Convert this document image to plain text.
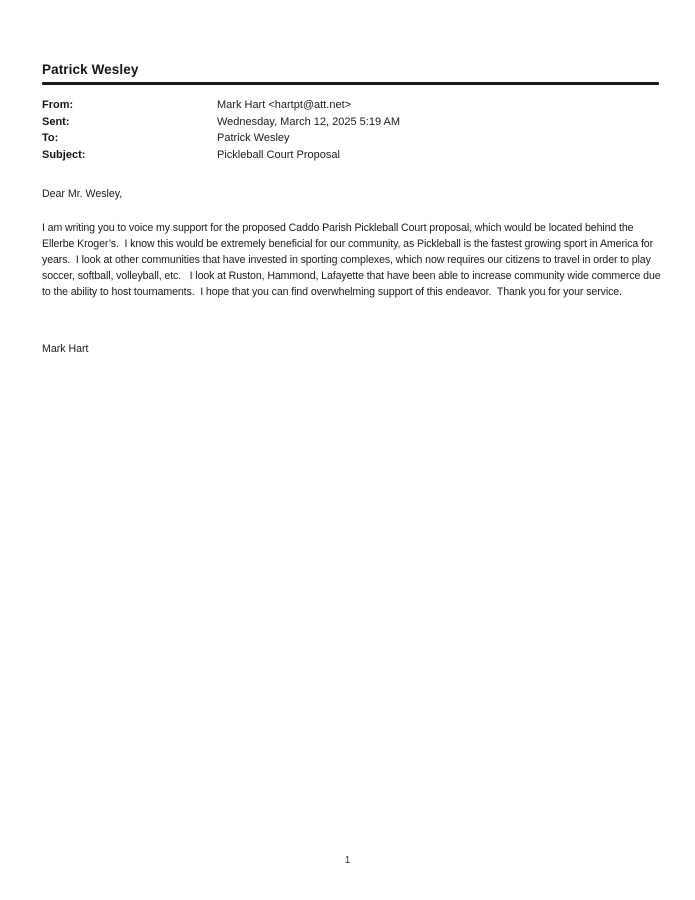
Patrick Wesley
From:	Mark Hart <hartpt@att.net>
Sent:	Wednesday, March 12, 2025 5:19 AM
To:	Patrick Wesley
Subject:	Pickleball Court Proposal
Dear Mr. Wesley,
I am writing you to voice my support for the proposed Caddo Parish Pickleball Court proposal, which would be located behind the Ellerbe Kroger’s.  I know this would be extremely beneficial for our community, as Pickleball is the fastest growing sport in America for years.  I look at other communities that have invested in sporting complexes, which now requires our citizens to travel in order to play soccer, softball, volleyball, etc.   I look at Ruston, Hammond, Lafayette that have been able to increase community wide commerce due to the ability to host tournaments.  I hope that you can find overwhelming support of this endeavor.  Thank you for your service.
Mark Hart
1
